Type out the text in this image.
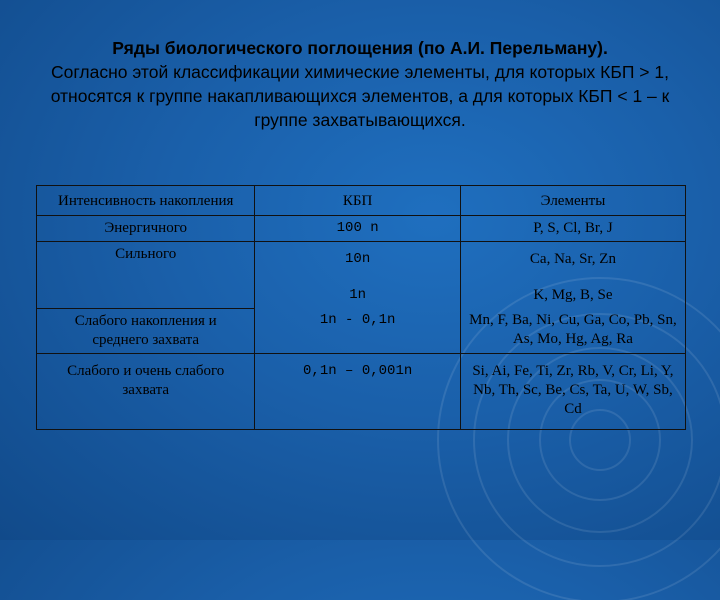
Ряды биологического поглощения (по А.И. Перельману).
Согласно этой классификации химические элементы, для которых КБП > 1, относятся к группе накапливающихся элементов, а для которых КБП < 1 – к группе захватывающихся.
Интенсивность накопления	КБП	Элементы
Энергичного	100 n	P, S, Cl, Br, J
Сильного	10n	Ca, Na, Sr, Zn
	1n	K, Mg, B, Se
Слабого накопления и среднего захвата	1n - 0,1n	Mn, F, Ba, Ni, Cu, Ga, Co, Pb, Sn, As, Mo, Hg, Ag, Ra
Слабого и очень слабого захвата	0,1n – 0,001n	Si, Ai, Fe, Ti, Zr, Rb, V, Cr, Li, Y, Nb, Th, Sc, Be, Cs, Ta, U, W, Sb, Cd
